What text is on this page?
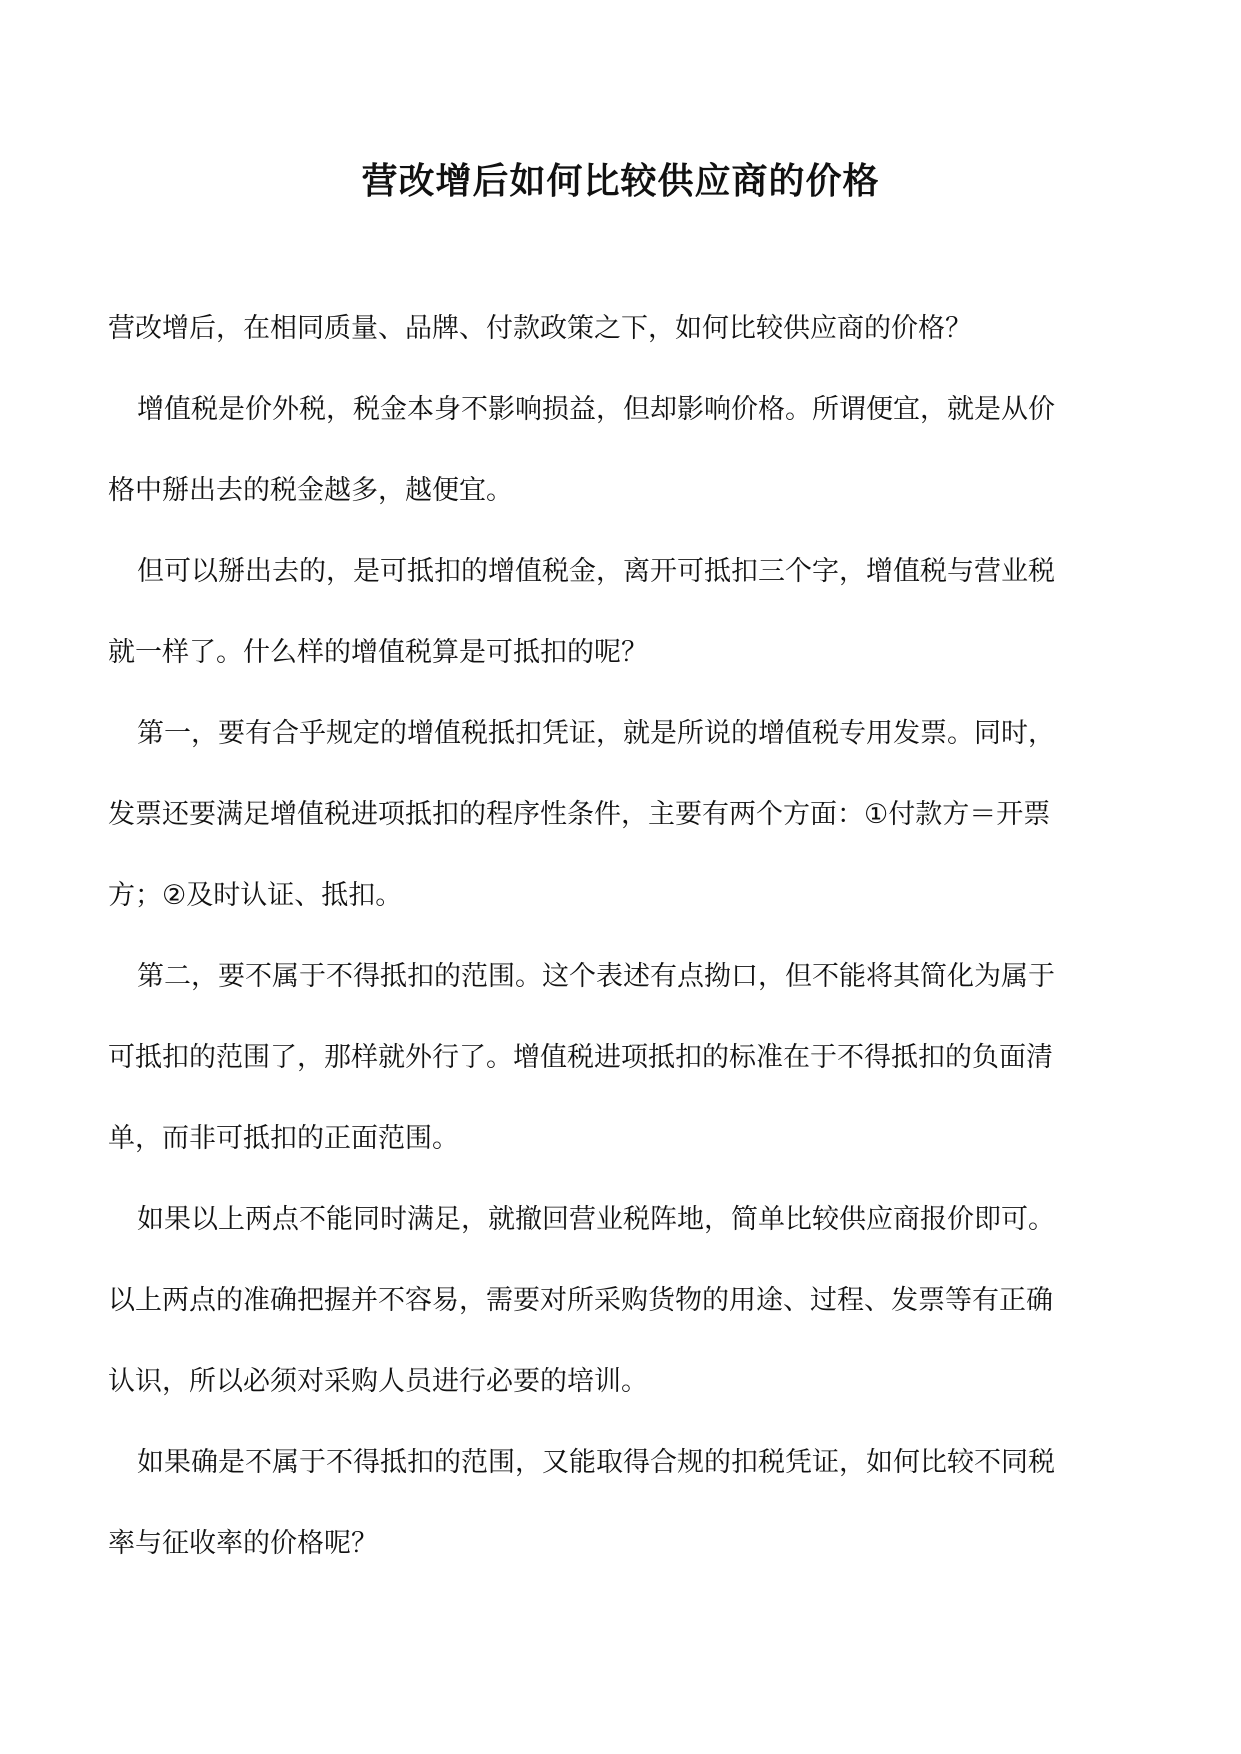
营改增后如何比较供应商的价格

营改增后，在相同质量、品牌、付款政策之下，如何比较供应商的价格？

增值税是价外税，税金本身不影响损益，但却影响价格。所谓便宜，就是从价

格中掰出去的税金越多，越便宜。

但可以掰出去的，是可抵扣的增值税金，离开可抵扣三个字，增值税与营业税

就一样了。什么样的增值税算是可抵扣的呢？

第一，要有合乎规定的增值税抵扣凭证，就是所说的增值税专用发票。同时，

发票还要满足增值税进项抵扣的程序性条件，主要有两个方面：①付款方＝开票

方；②及时认证、抵扣。

第二，要不属于不得抵扣的范围。这个表述有点拗口，但不能将其简化为属于

可抵扣的范围了，那样就外行了。增值税进项抵扣的标准在于不得抵扣的负面清

单，而非可抵扣的正面范围。

如果以上两点不能同时满足，就撤回营业税阵地，简单比较供应商报价即可。

以上两点的准确把握并不容易，需要对所采购货物的用途、过程、发票等有正确

认识，所以必须对采购人员进行必要的培训。

如果确是不属于不得抵扣的范围，又能取得合规的扣税凭证，如何比较不同税

率与征收率的价格呢？
